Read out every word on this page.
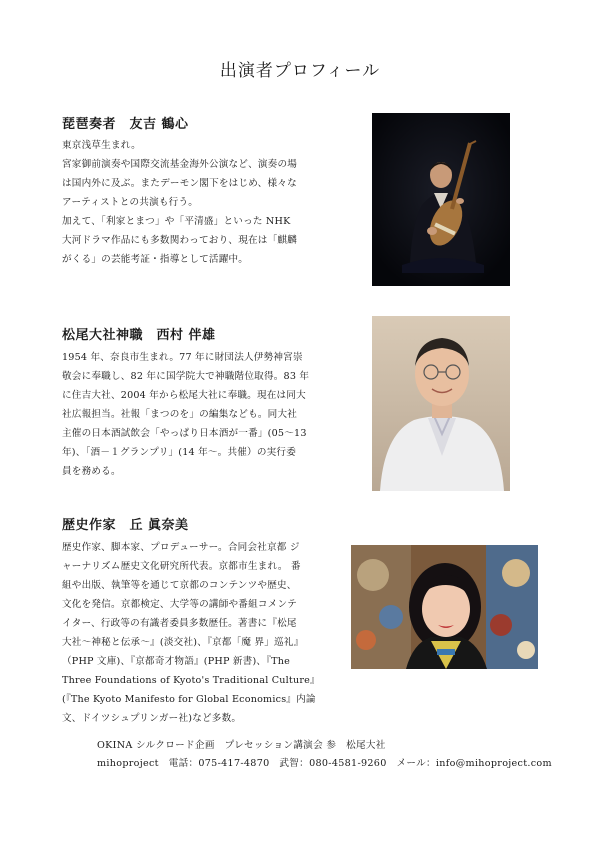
出演者プロフィール
琵琶奏者　友吉 鶴心
東京浅草生まれ。
宮家御前演奏や国際交流基金海外公演など、演奏の場
は国内外に及ぶ。またデーモン閣下をはじめ、様々な
アーティストとの共演も行う。
加えて、「利家とまつ」や「平清盛」といった NHK
大河ドラマ作品にも多数関わっており、現在は「麒麟
がくる」の芸能考証・指導として活躍中。
松尾大社神職　西村 伴雄
1954 年、奈良市生まれ。77 年に財団法人伊勢神宮崇
敬会に奉職し、82 年に国学院大で神職階位取得。83 年
に住吉大社、2004 年から松尾大社に奉職。現在は同大
社広報担当。社報「まつのを」の編集なども。同大社
主催の日本酒試飲会「やっぱり日本酒が一番」(05〜13
年)、「酒－１グランプリ」(14 年〜。共催）の実行委
員を務める。
歴史作家　丘 眞奈美
歴史作家、脚本家、プロデューサー。合同会社京都 ジ
ャーナリズム歴史文化研究所代表。京都市生まれ。 番
組や出版、執筆等を通じて京都のコンテンツや歴史、
文化を発信。京都検定、大学等の講師や番組コメンテ
イター、行政等の有識者委員多数歴任。著書に『松尾
大社～神秘と伝承～』(淡交社)、『京都「魔 界」巡礼』
（PHP 文庫)、『京都奇才物語』(PHP 新書)、『The
Three Foundations of Kyoto's Traditional Culture』
(『The Kyoto Manifesto for Global Economics』内論
文、ドイツシュプリンガー社)など多数。
OKINA シルクロード企画　プレセッション講演会 参　松尾大社
mihoproject　電話：075-417-4870　武智：080-4581-9260　メール：info@mihoproject.com
